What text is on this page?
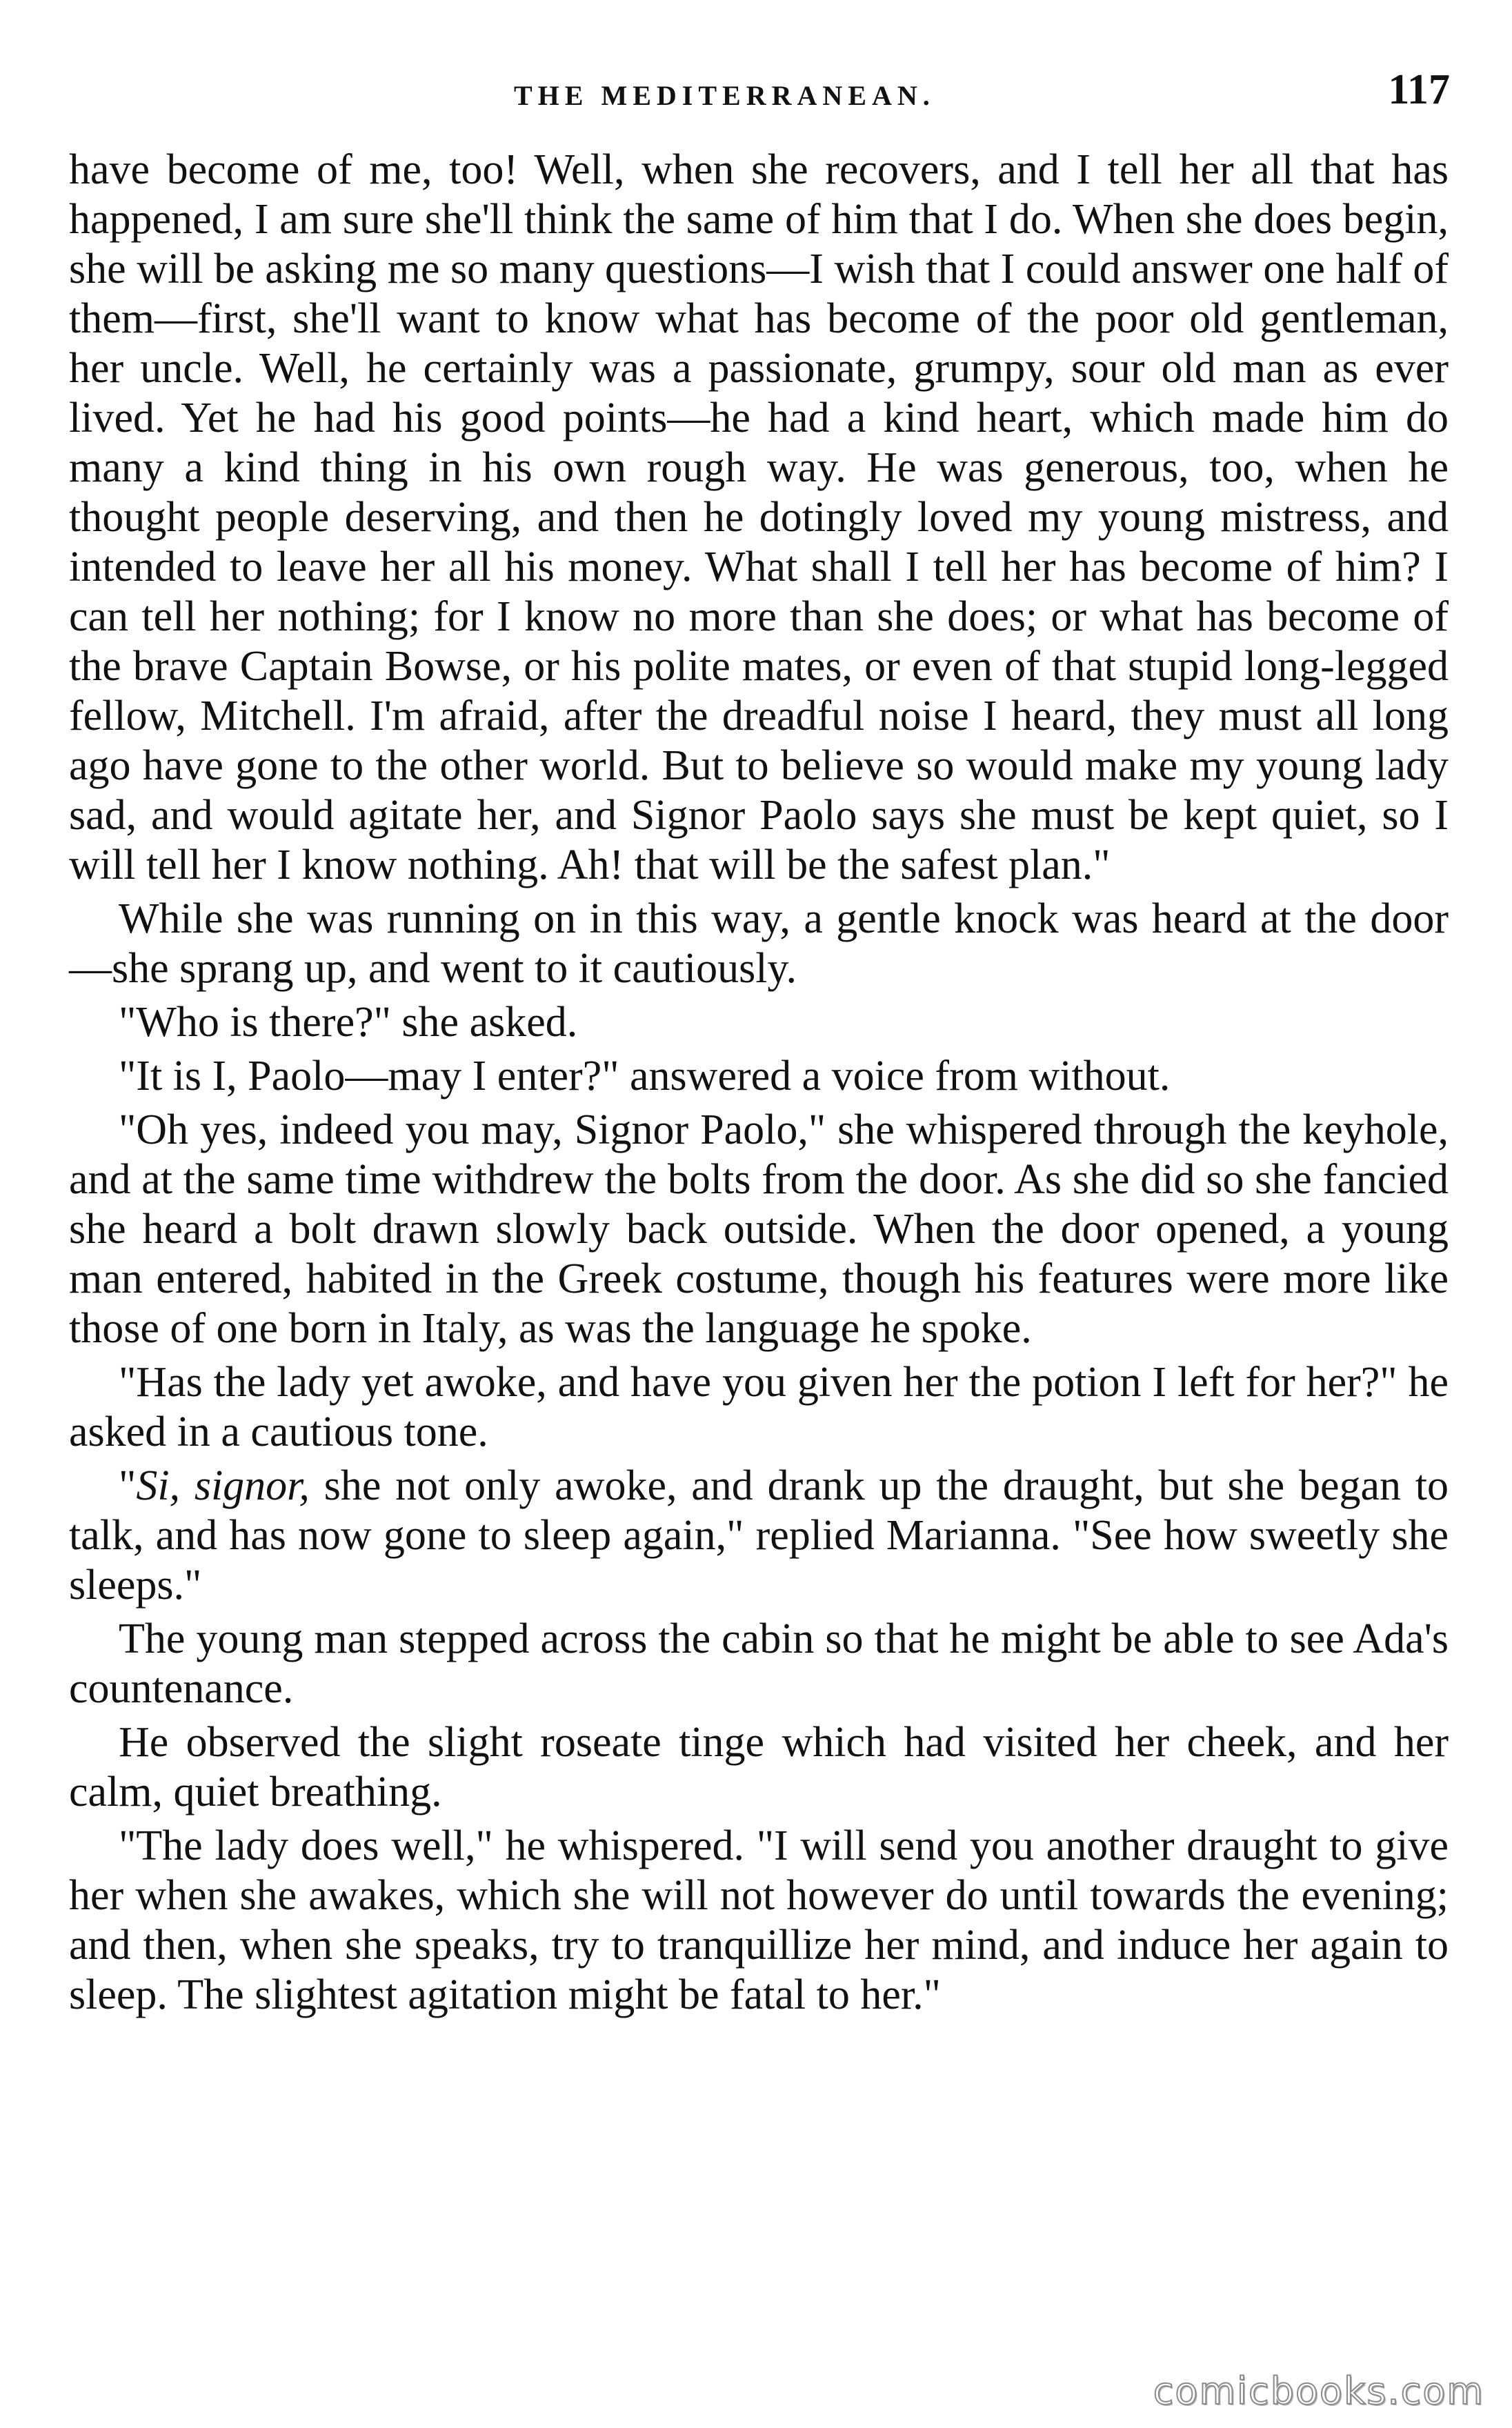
THE MEDITERRANEAN.	117

have become of me, too! Well, when she recovers, and I tell her all that has happened, I am sure she'll think the same of him that I do. When she does begin, she will be asking me so many questions—I wish that I could answer one half of them—first, she'll want to know what has become of the poor old gentleman, her uncle. Well, he certainly was a passionate, grumpy, sour old man as ever lived. Yet he had his good points—he had a kind heart, which made him do many a kind thing in his own rough way. He was generous, too, when he thought people deserving, and then he dotingly loved my young mistress, and intended to leave her all his money. What shall I tell her has become of him? I can tell her nothing; for I know no more than she does; or what has become of the brave Captain Bowse, or his polite mates, or even of that stupid long-legged fellow, Mitchell. I'm afraid, after the dreadful noise I heard, they must all long ago have gone to the other world. But to believe so would make my young lady sad, and would agitate her, and Signor Paolo says she must be kept quiet, so I will tell her I know nothing. Ah! that will be the safest plan."

While she was running on in this way, a gentle knock was heard at the door—she sprang up, and went to it cautiously.

"Who is there?" she asked.

"It is I, Paolo—may I enter?" answered a voice from without.

"Oh yes, indeed you may, Signor Paolo," she whispered through the keyhole, and at the same time withdrew the bolts from the door. As she did so she fancied she heard a bolt drawn slowly back outside. When the door opened, a young man entered, habited in the Greek costume, though his features were more like those of one born in Italy, as was the language he spoke.

"Has the lady yet awoke, and have you given her the potion I left for her?" he asked in a cautious tone.

"Si, signor, she not only awoke, and drank up the draught, but she began to talk, and has now gone to sleep again," replied Marianna. "See how sweetly she sleeps."

The young man stepped across the cabin so that he might be able to see Ada's countenance.

He observed the slight roseate tinge which had visited her cheek, and her calm, quiet breathing.

"The lady does well," he whispered. "I will send you another draught to give her when she awakes, which she will not however do until towards the evening; and then, when she speaks, try to tranquillize her mind, and induce her again to sleep. The slightest agitation might be fatal to her."

comicbooks.com
